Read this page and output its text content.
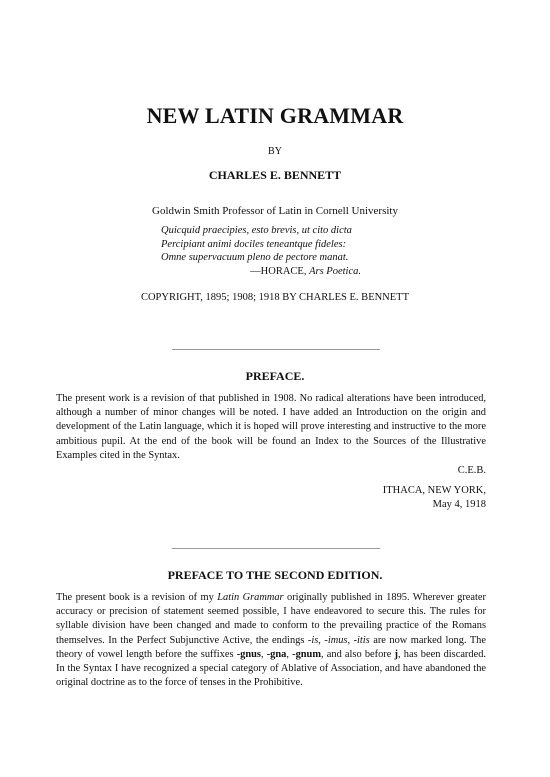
NEW LATIN GRAMMAR
BY
CHARLES E. BENNETT
Goldwin Smith Professor of Latin in Cornell University
Quicquid praecipies, esto brevis, ut cito dicta
Percipiant animi dociles teneantque fideles:
Omne supervacuum pleno de pectore manat.
—HORACE, Ars Poetica.
COPYRIGHT, 1895; 1908; 1918 BY CHARLES E. BENNETT
PREFACE.
The present work is a revision of that published in 1908. No radical alterations have been introduced, although a number of minor changes will be noted. I have added an Introduction on the origin and development of the Latin language, which it is hoped will prove interesting and instructive to the more ambitious pupil. At the end of the book will be found an Index to the Sources of the Illustrative Examples cited in the Syntax.
C.E.B.
ITHACA, NEW YORK,
May 4, 1918
PREFACE TO THE SECOND EDITION.
The present book is a revision of my Latin Grammar originally published in 1895. Wherever greater accuracy or precision of statement seemed possible, I have endeavored to secure this. The rules for syllable division have been changed and made to conform to the prevailing practice of the Romans themselves. In the Perfect Subjunctive Active, the endings -is, -imus, -itis are now marked long. The theory of vowel length before the suffixes -gnus, -gna, -gnum, and also before j, has been discarded. In the Syntax I have recognized a special category of Ablative of Association, and have abandoned the original doctrine as to the force of tenses in the Prohibitive.
